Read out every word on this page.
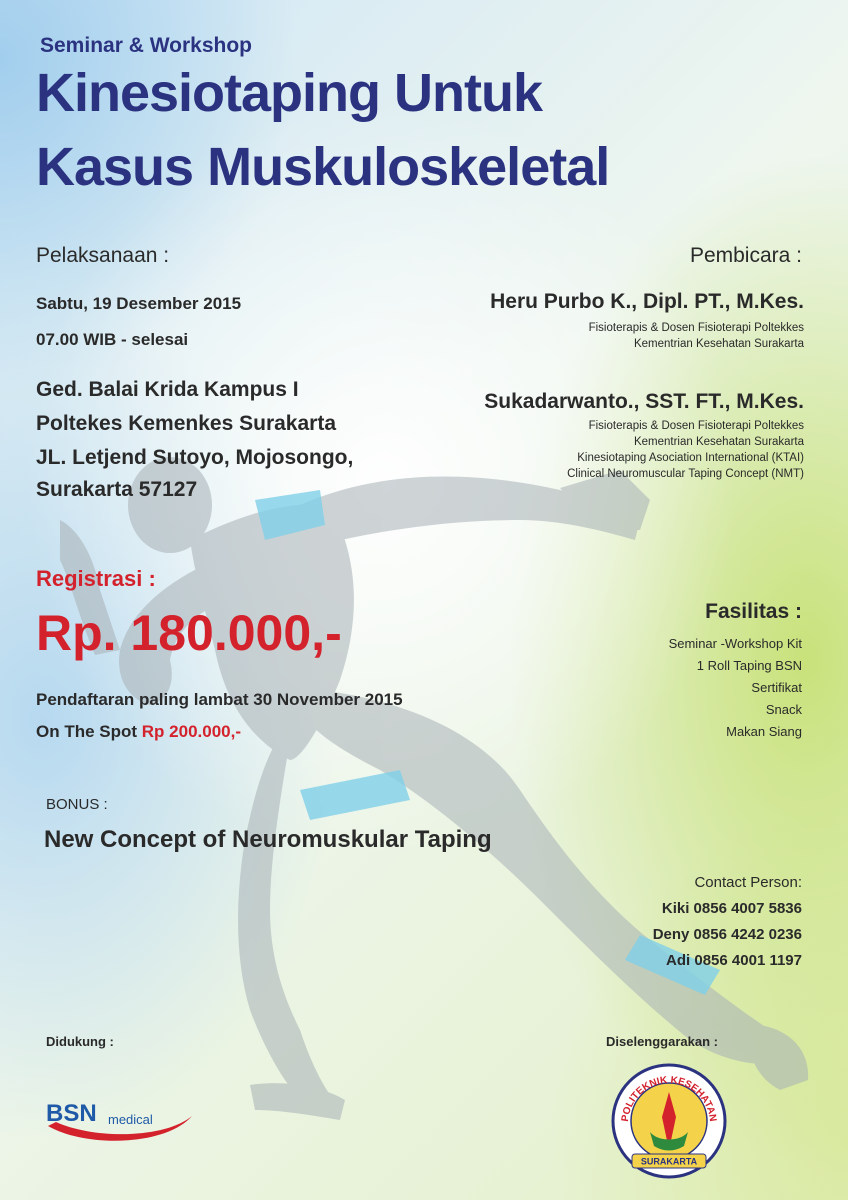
Seminar & Workshop

Kinesiotaping Untuk

Kasus Muskuloskeletal

Pelaksanaan :

Sabtu, 19 Desember 2015

07.00 WIB - selesai

Ged. Balai Krida Kampus I

Poltekes Kemenkes Surakarta

JL. Letjend Sutoyo, Mojosongo,

Surakarta 57127

Pembicara :

Heru Purbo K., Dipl. PT., M.Kes.

Fisioterapis & Dosen Fisioterapi Poltekkes

Kementrian Kesehatan Surakarta

Sukadarwanto., SST. FT., M.Kes.

Fisioterapis & Dosen Fisioterapi Poltekkes

Kementrian Kesehatan Surakarta

Kinesiotaping Asociation International (KTAI)

Clinical Neuromuscular Taping Concept (NMT)

Registrasi :

Rp. 180.000,-

Pendaftaran paling lambat 30 November 2015

On The Spot Rp 200.000,-

Fasilitas :

Seminar -Workshop Kit

1 Roll Taping BSN

Sertifikat

Snack

Makan Siang

BONUS :

New Concept of Neuromuskular Taping

Contact Person:

Kiki 0856 4007 5836

Deny 0856 4242 0236

Adi 0856 4001 1197

Didukung :

BSN medical

Diselenggarakan :

POLITEKNIK KESEHATAN
SURAKARTA
